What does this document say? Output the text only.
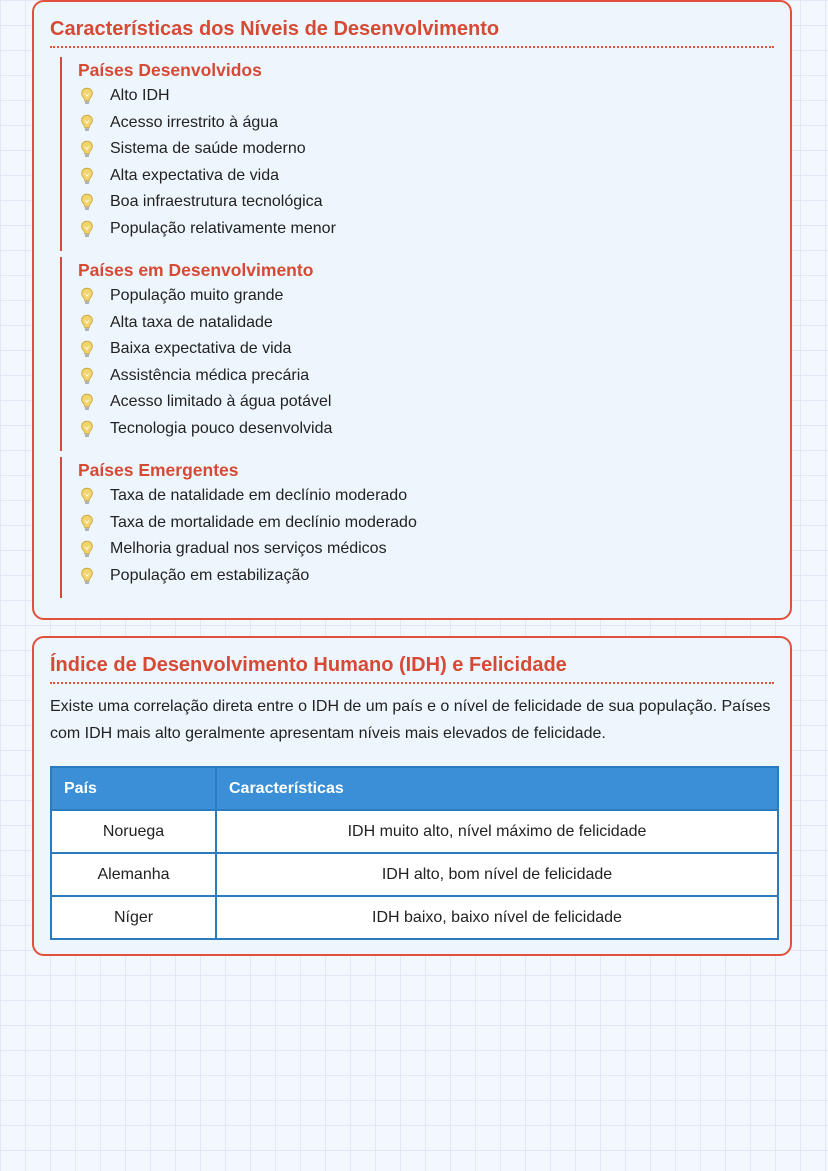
Características dos Níveis de Desenvolvimento
Países Desenvolvidos
Alto IDH
Acesso irrestrito à água
Sistema de saúde moderno
Alta expectativa de vida
Boa infraestrutura tecnológica
População relativamente menor
Países em Desenvolvimento
População muito grande
Alta taxa de natalidade
Baixa expectativa de vida
Assistência médica precária
Acesso limitado à água potável
Tecnologia pouco desenvolvida
Países Emergentes
Taxa de natalidade em declínio moderado
Taxa de mortalidade em declínio moderado
Melhoria gradual nos serviços médicos
População em estabilização
Índice de Desenvolvimento Humano (IDH) e Felicidade

Existe uma correlação direta entre o IDH de um país e o nível de felicidade de sua população. Países com IDH mais alto geralmente apresentam níveis mais elevados de felicidade.

País	Características
Noruega	IDH muito alto, nível máximo de felicidade
Alemanha	IDH alto, bom nível de felicidade
Níger	IDH baixo, baixo nível de felicidade
